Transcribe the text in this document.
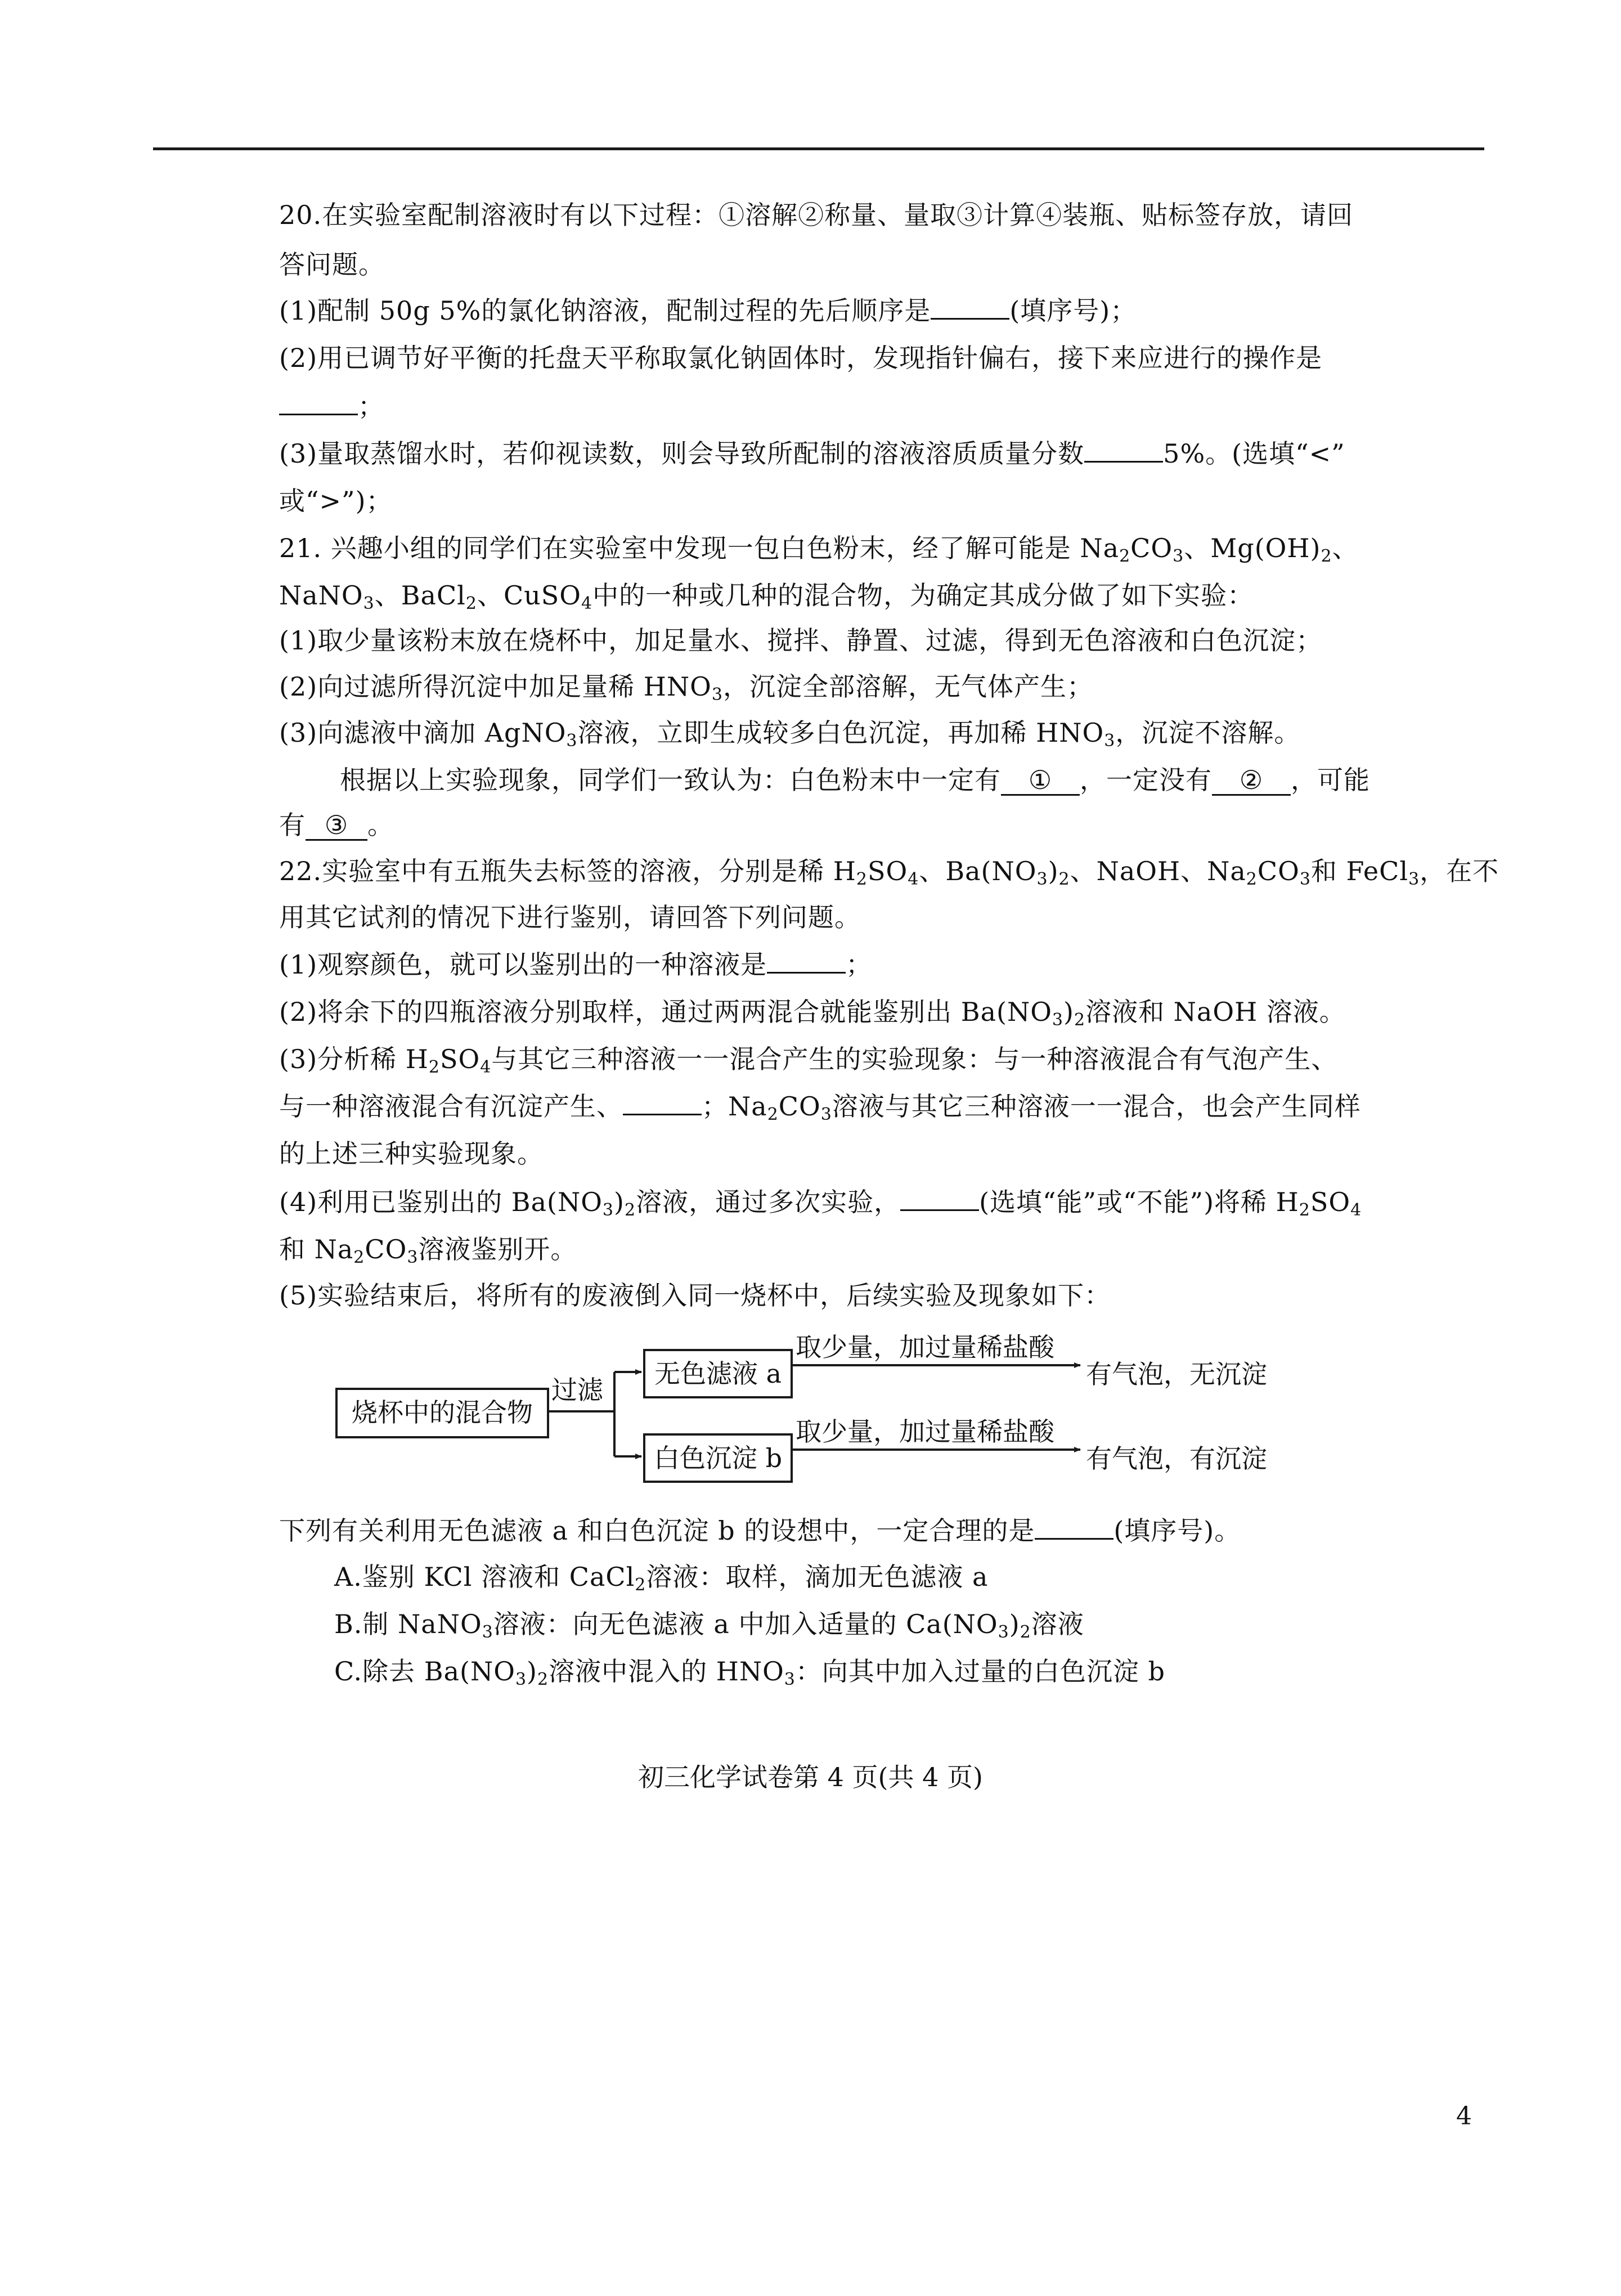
20.在实验室配制溶液时有以下过程：①溶解②称量、量取③计算④装瓶、贴标签存放，请回
答问题。
(1)配制 50g 5%的氯化钠溶液，配制过程的先后顺序是	(填序号)；
(2)用已调节好平衡的托盘天平称取氯化钠固体时，发现指针偏右，接下来应进行的操作是
；
(3)量取蒸馏水时，若仰视读数，则会导致所配制的溶液溶质质量分数	5%。(选填“<”
或“>”)；
21. 兴趣小组的同学们在实验室中发现一包白色粉末，经了解可能是 $Na_2CO_3$、$Mg(OH)_2$、
NaNO$_3$、BaCl$_2$、CuSO$_4$中的一种或几种的混合物，为确定其成分做了如下实验：
(1)取少量该粉末放在烧杯中，加足量水、搅拌、静置、过滤，得到无色溶液和白色沉淀；
(2)向过滤所得沉淀中加足量稀 $HNO_3$，沉淀全部溶解，无气体产生；
(3)向滤液中滴加 AgNO$_3$溶液，立即生成较多白色沉淀，再加稀 $HNO_3$，沉淀不溶解。
根据以上实验现象，同学们一致认为：白色粉末中一定有 ① ，一定没有 ② ，可能
有 ③ 。
22.实验室中有五瓶失去标签的溶液，分别是稀 $H_2SO_4$、$Ba(NO_3)_2$、NaOH、$Na_2CO_3$和 FeCl$_3$，在不
用其它试剂的情况下进行鉴别，请回答下列问题。
(1)观察颜色，就可以鉴别出的一种溶液是	；
(2)将余下的四瓶溶液分别取样，通过两两混合就能鉴别出 $Ba(NO_3)_2$溶液和 NaOH 溶液。
(3)分析稀 $H_2SO_4$与其它三种溶液一一混合产生的实验现象：与一种溶液混合有气泡产生、
与一种溶液混合有沉淀产生、	；$Na_2CO_3$溶液与其它三种溶液一一混合，也会产生同样
的上述三种实验现象。
(4)利用已鉴别出的 $Ba(NO_3)_2$溶液，通过多次实验，	(选填“能”或“不能”)将稀 $H_2SO_4$
和 $Na_2CO_3$溶液鉴别开。
(5)实验结束后，将所有的废液倒入同一烧杯中，后续实验及现象如下：
烧杯中的混合物
过滤
无色滤液 a
白色沉淀 b
取少量，加过量稀盐酸
取少量，加过量稀盐酸
有气泡，无沉淀
有气泡，有沉淀
下列有关利用无色滤液 a 和白色沉淀 b 的设想中，一定合理的是	(填序号)。
A.鉴别 KCl 溶液和 CaCl$_2$溶液：取样，滴加无色滤液 a
B.制 NaNO$_3$溶液：向无色滤液 a 中加入适量的 $Ca(NO_3)_2$溶液
C.除去 $Ba(NO_3)_2$溶液中混入的 $HNO_3$：向其中加入过量的白色沉淀 b
初三化学试卷第 4 页(共 4 页)
4
